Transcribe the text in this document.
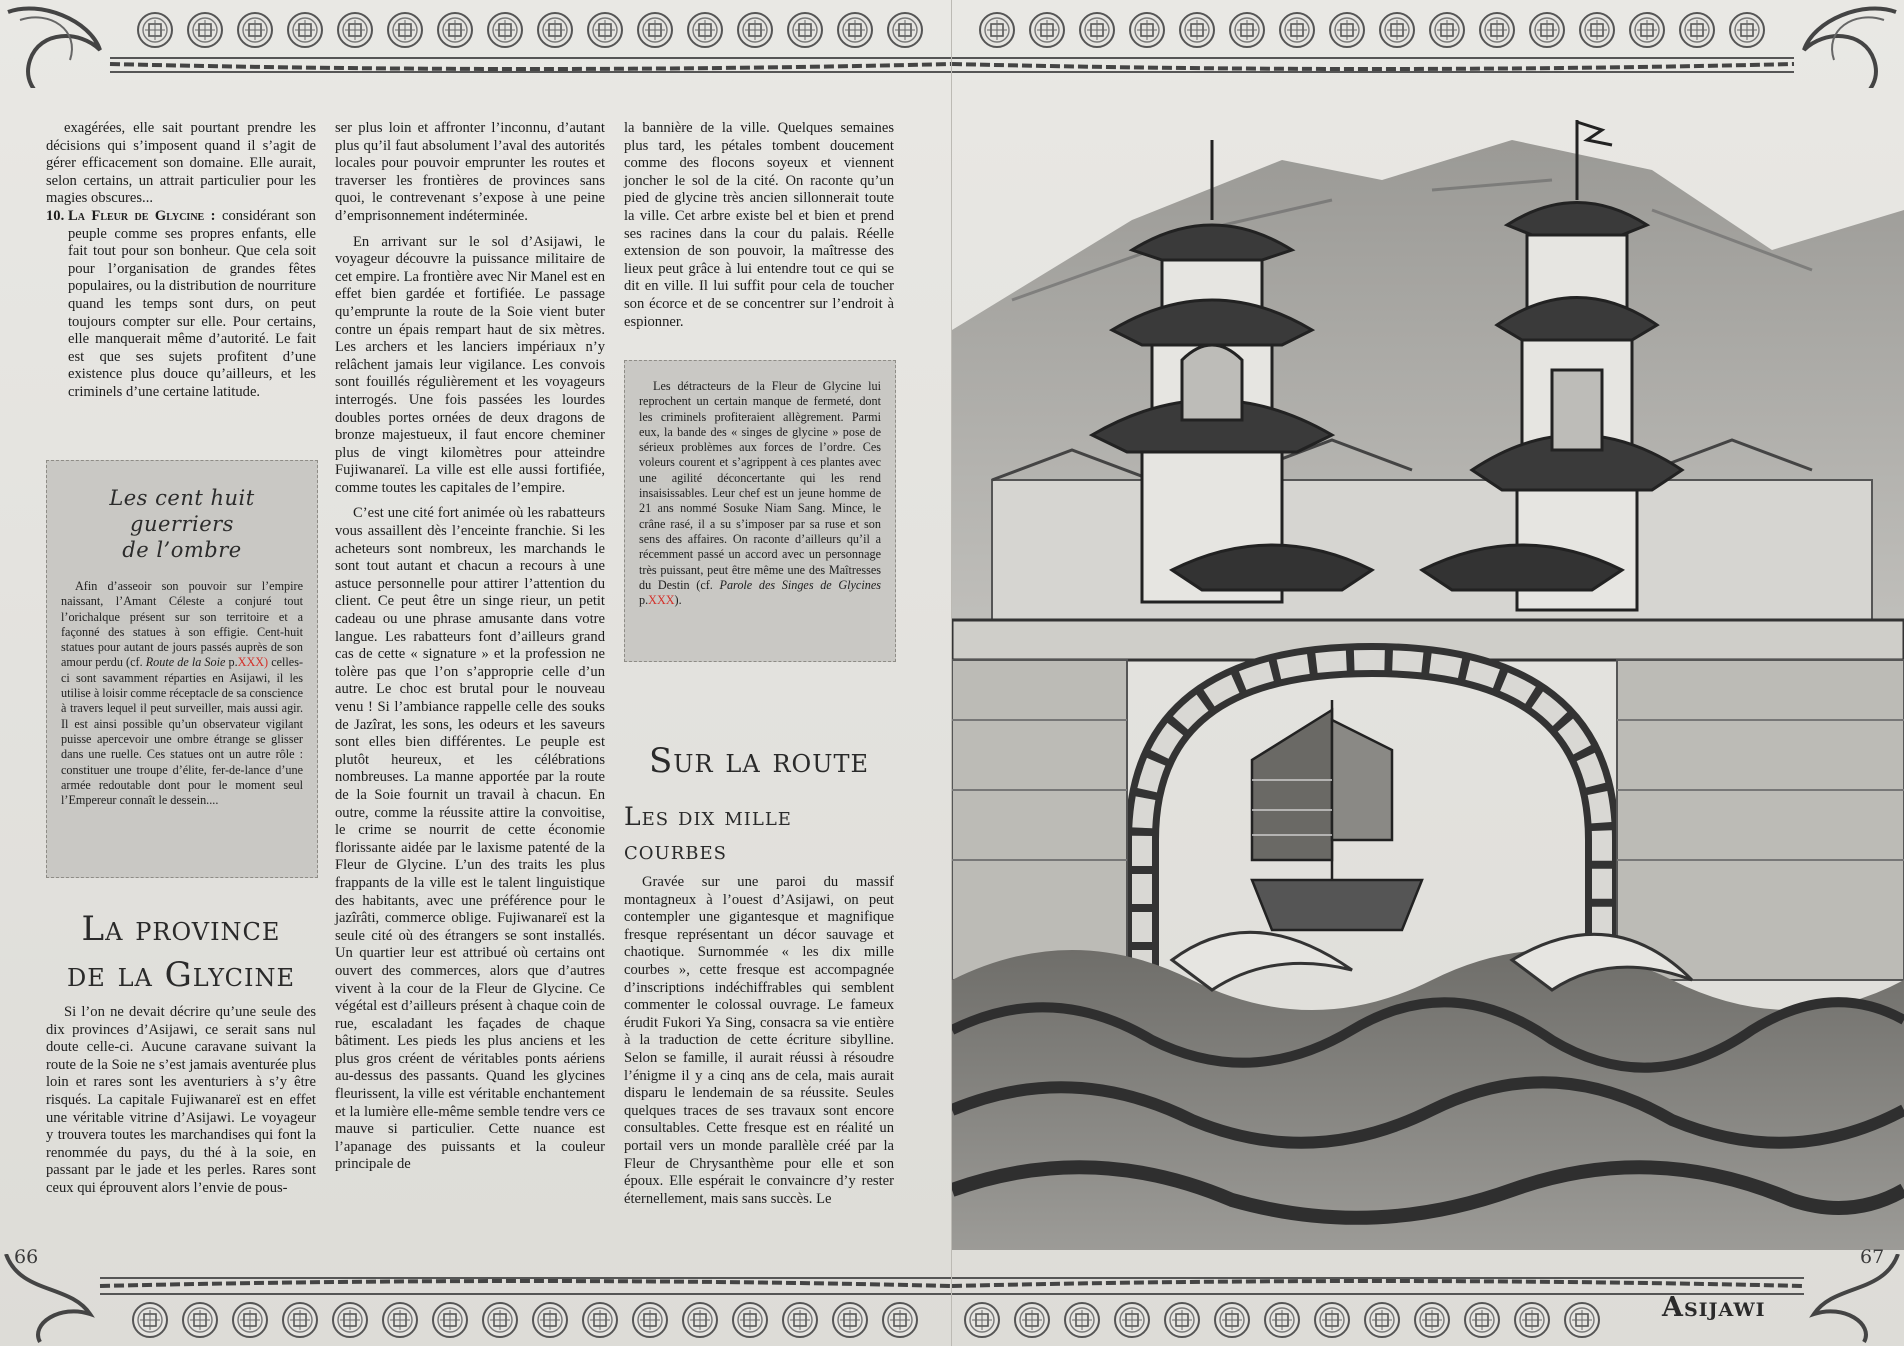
exagérées, elle sait pourtant prendre les décisions qui s’imposent quand il s’agit de gérer efficacement son domaine. Elle aurait, selon certains, un attrait particulier pour les magies obscures...

10. La Fleur de Glycine : considérant son peuple comme ses propres enfants, elle fait tout pour son bonheur. Que cela soit pour l’organisation de grandes fêtes populaires, ou la distribution de nourriture quand les temps sont durs, on peut toujours compter sur elle. Pour certains, elle manquerait même d’autorité. Le fait est que ses sujets profitent d’une existence plus douce qu’ailleurs, et les criminels d’une certaine latitude.

Les cent huit guerriers
de l’ombre

Afin d’asseoir son pouvoir sur l’empire naissant, l’Amant Céleste a conjuré tout l’orichalque présent sur son territoire et a façonné des statues à son effigie. Cent-huit statues pour autant de jours passés auprès de son amour perdu (cf. Route de la Soie p.XXX) celles-ci sont savamment réparties en Asijawi, il les utilise à loisir comme réceptacle de sa conscience à travers lequel il peut surveiller, mais aussi agir. Il est ainsi possible qu’un observateur vigilant puisse apercevoir une ombre étrange se glisser dans une ruelle. Ces statues ont un autre rôle : constituer une troupe d’élite, fer-de-lance d’une armée redoutable dont pour le moment seul l’Empereur connaît le dessein....

La province
de la Glycine

Si l’on ne devait décrire qu’une seule des dix provinces d’Asijawi, ce serait sans nul doute celle-ci. Aucune caravane suivant la route de la Soie ne s’est jamais aventurée plus loin et rares sont les aventuriers à s’y être risqués. La capitale Fujiwanareï est en effet une véritable vitrine d’Asijawi. Le voyageur y trouvera toutes les marchandises qui font la renommée du pays, du thé à la soie, en passant par le jade et les perles. Rares sont ceux qui éprouvent alors l’envie de pous-

ser plus loin et affronter l’inconnu, d’autant plus qu’il faut absolument l’aval des autorités locales pour pouvoir emprunter les routes et traverser les frontières de provinces sans quoi, le contrevenant s’expose à une peine d’emprisonnement indéterminée.

En arrivant sur le sol d’Asijawi, le voyageur découvre la puissance militaire de cet empire. La frontière avec Nir Manel est en effet bien gardée et fortifiée. Le passage qu’emprunte la route de la Soie vient buter contre un épais rempart haut de six mètres. Les archers et les lanciers impériaux n’y relâchent jamais leur vigilance. Les convois sont fouillés régulièrement et les voyageurs interrogés. Une fois passées les lourdes doubles portes ornées de deux dragons de bronze majestueux, il faut encore cheminer plus de vingt kilomètres pour atteindre Fujiwanareï. La ville est elle aussi fortifiée, comme toutes les capitales de l’empire.

C’est une cité fort animée où les rabatteurs vous assaillent dès l’enceinte franchie. Si les acheteurs sont nombreux, les marchands le sont tout autant et chacun a recours à une astuce personnelle pour attirer l’attention du client. Ce peut être un singe rieur, un petit cadeau ou une phrase amusante dans votre langue. Les rabatteurs font d’ailleurs grand cas de cette « signature » et la profession ne tolère pas que l’on s’approprie celle d’un autre. Le choc est brutal pour le nouveau venu ! Si l’ambiance rappelle celle des souks de Jazîrat, les sons, les odeurs et les saveurs sont elles bien différentes. Le peuple est plutôt heureux, et les célébrations nombreuses. La manne apportée par la route de la Soie fournit un travail à chacun. En outre, comme la réussite attire la convoitise, le crime se nourrit de cette économie florissante aidée par le laxisme patenté de la Fleur de Glycine. L’un des traits les plus frappants de la ville est le talent linguistique des habitants, avec une préférence pour le jazîrâti, commerce oblige. Fujiwanareï est la seule cité où des étrangers se sont installés. Un quartier leur est attribué où certains ont ouvert des commerces, alors que d’autres vivent à la cour de la Fleur de Glycine. Ce végétal est d’ailleurs présent à chaque coin de rue, escaladant les façades de chaque bâtiment. Les pieds les plus anciens et les plus gros créent de véritables ponts aériens au-dessus des passants. Quand les glycines fleurissent, la ville est véritable enchantement et la lumière elle-même semble tendre vers ce mauve si particulier. Cette nuance est l’apanage des puissants et la couleur principale de

la bannière de la ville. Quelques semaines plus tard, les pétales tombent doucement comme des flocons soyeux et viennent joncher le sol de la cité. On raconte qu’un pied de glycine très ancien sillonnerait toute la ville. Cet arbre existe bel et bien et prend ses racines dans la cour du palais. Réelle extension de son pouvoir, la maîtresse des lieux peut grâce à lui entendre tout ce qui se dit en ville. Il lui suffit pour cela de toucher son écorce et de se concentrer sur l’endroit à espionner.

Les détracteurs de la Fleur de Glycine lui reprochent un certain manque de fermeté, dont les criminels profiteraient allègrement. Parmi eux, la bande des « singes de glycine » pose de sérieux problèmes aux forces de l’ordre. Ces voleurs courent et s’agrippent à ces plantes avec une agilité déconcertante qui les rend insaisissables. Leur chef est un jeune homme de 21 ans nommé Sosuke Niam Sang. Mince, le crâne rasé, il a su s’imposer par sa ruse et son sens des affaires. On raconte d’ailleurs qu’il a récemment passé un accord avec un personnage très puissant, peut être même une des Maîtresses du Destin (cf. Parole des Singes de Glycines p.XXX).

Sur la route
Les dix mille courbes

Gravée sur une paroi du massif montagneux à l’ouest d’Asijawi, on peut contempler une gigantesque et magnifique fresque représentant un décor sauvage et chaotique. Surnommée « les dix mille courbes », cette fresque est accompagnée d’inscriptions indéchiffrables qui semblent commenter le colossal ouvrage. Le fameux érudit Fukori Ya Sing, consacra sa vie entière à la traduction de cette écriture sibylline. Selon se famille, il aurait réussi à résoudre l’énigme il y a cinq ans de cela, mais aurait disparu le lendemain de sa réussite. Seules quelques traces de ses travaux sont encore consultables. Cette fresque est en réalité un portail vers un monde parallèle créé par la Fleur de Chrysanthème pour elle et son époux. Elle espérait le convaincre d’y rester éternellement, mais sans succès. Le

66	67
Asijawi
